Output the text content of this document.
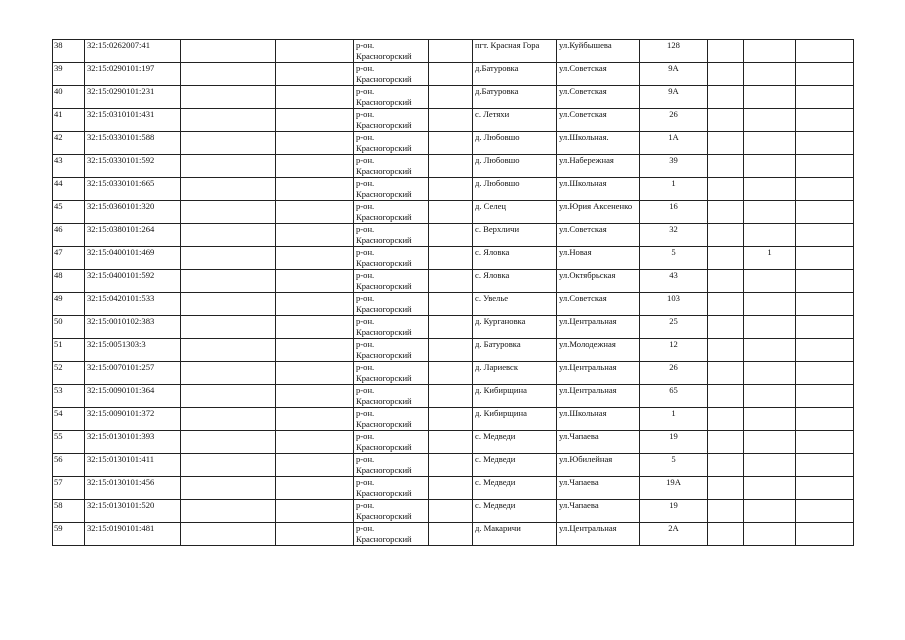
38	32:15:0262007:41			р-он.
Красногорский		пгт. Красная Гора	ул.Куйбышева	128			
39	32:15:0290101:197			р-он.
Красногорский		д.Батуровка	ул.Советская	9А			
40	32:15:0290101:231			р-он.
Красногорский		д.Батуровка	ул.Советская	9А			
41	32:15:0310101:431			р-он.
Красногорский		с. Летяхи	ул.Советская	26			
42	32:15:0330101:588			р-он.
Красногорский		д. Любовшо	ул.Школьная.	1А			
43	32:15:0330101:592			р-он.
Красногорский		д. Любовшо	ул.Набережная	39			
44	32:15:0330101:665			р-он.
Красногорский		д. Любовшо	ул.Школьная	1			
45	32:15:0360101:320			р-он.
Красногорский		д. Селец	ул.Юрия Аксененко	16			
46	32:15:0380101:264			р-он.
Красногорский		с. Верхличи	ул.Советская	32			
47	32:15:0400101:469			р-он.
Красногорский		с. Яловка	ул.Новая	5		1	
48	32:15:0400101:592			р-он.
Красногорский		с. Яловка	ул.Октябрьская	43			
49	32:15:0420101:533			р-он.
Красногорский		с. Увелье	ул.Советская	103			
50	32:15:0010102:383			р-он.
Красногорский		д. Кургановка	ул.Центральная	25			
51	32:15:0051303:3			р-он.
Красногорский		д. Батуровка	ул.Молодежная	12			
52	32:15:0070101:257			р-он.
Красногорский		д. Лариевск	ул.Центральная	26			
53	32:15:0090101:364			р-он.
Красногорский		д. Кибирщина	ул.Центральная	65			
54	32:15:0090101:372			р-он.
Красногорский		д. Кибирщина	ул.Школьная	1			
55	32:15:0130101:393			р-он.
Красногорский		с. Медведи	ул.Чапаева	19			
56	32:15:0130101:411			р-он.
Красногорский		с. Медведи	ул.Юбилейная	5			
57	32:15:0130101:456			р-он.
Красногорский		с. Медведи	ул.Чапаева	19А			
58	32:15:0130101:520			р-он.
Красногорский		с. Медведи	ул.Чапаева	19			
59	32:15:0190101:481			р-он.
Красногорский		д. Макаричи	ул.Центральная	2А			
